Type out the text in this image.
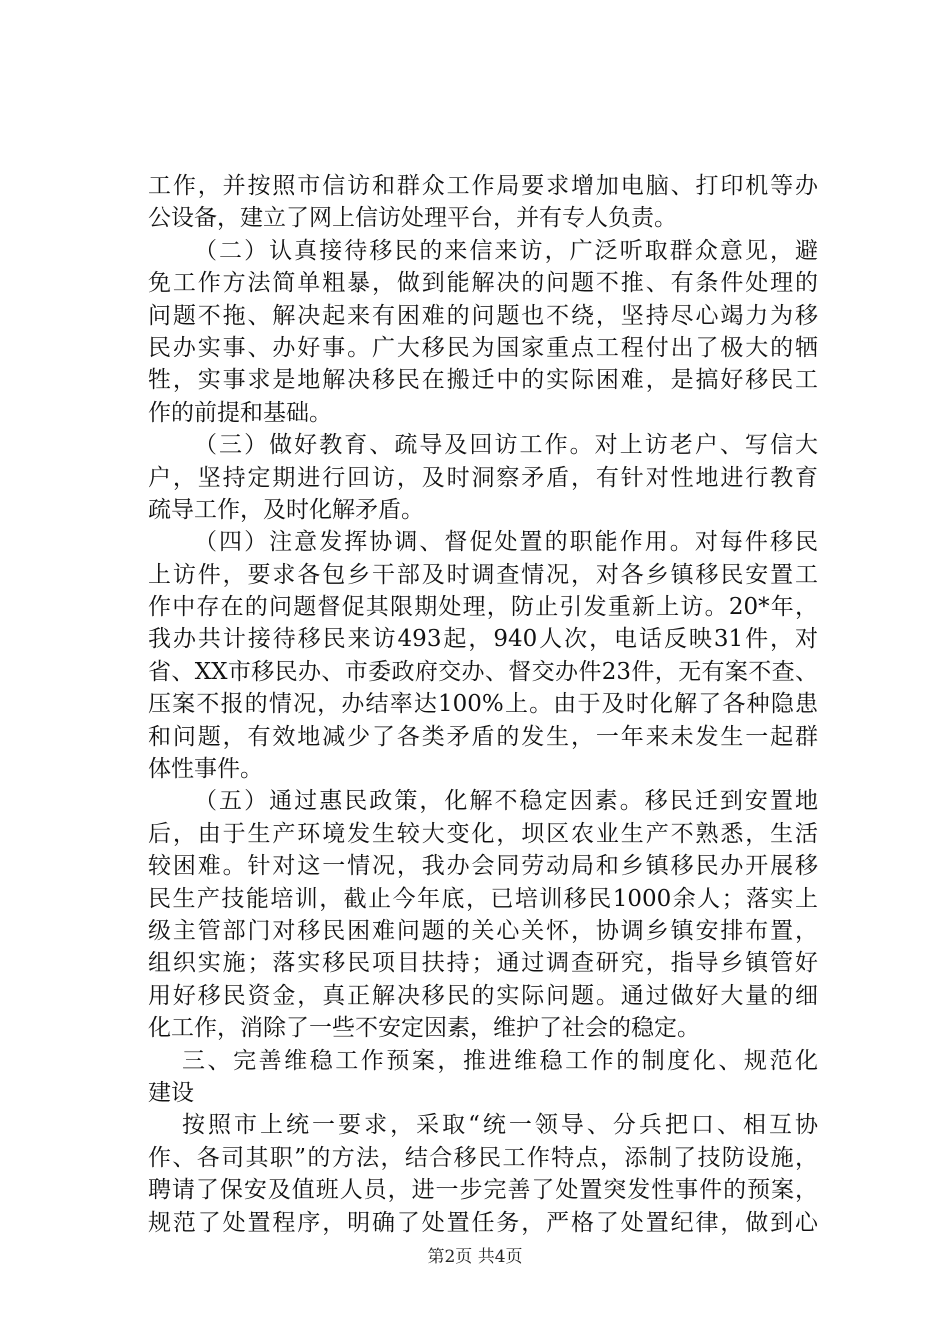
工作，并按照市信访和群众工作局要求增加电脑、打印机等办
公设备，建立了网上信访处理平台，并有专人负责。
（二）认真接待移民的来信来访，广泛听取群众意见，避
免工作方法简单粗暴，做到能解决的问题不推、有条件处理的
问题不拖、解决起来有困难的问题也不绕，坚持尽心竭力为移
民办实事、办好事。广大移民为国家重点工程付出了极大的牺
牲，实事求是地解决移民在搬迁中的实际困难，是搞好移民工
作的前提和基础。
（三）做好教育、疏导及回访工作。对上访老户、写信大
户，坚持定期进行回访，及时洞察矛盾，有针对性地进行教育
疏导工作，及时化解矛盾。
（四）注意发挥协调、督促处置的职能作用。对每件移民
上访件，要求各包乡干部及时调查情况，对各乡镇移民安置工
作中存在的问题督促其限期处理，防止引发重新上访。20*年，
我办共计接待移民来访493起，940人次，电话反映31件，对
省、XX市移民办、市委政府交办、督交办件23件，无有案不查、
压案不报的情况，办结率达100%上。由于及时化解了各种隐患
和问题，有效地减少了各类矛盾的发生，一年来未发生一起群
体性事件。
（五）通过惠民政策，化解不稳定因素。移民迁到安置地
后，由于生产环境发生较大变化，坝区农业生产不熟悉，生活
较困难。针对这一情况，我办会同劳动局和乡镇移民办开展移
民生产技能培训，截止今年底，已培训移民1000余人；落实上
级主管部门对移民困难问题的关心关怀，协调乡镇安排布置，
组织实施；落实移民项目扶持；通过调查研究，指导乡镇管好
用好移民资金，真正解决移民的实际问题。通过做好大量的细
化工作，消除了一些不安定因素，维护了社会的稳定。
三、完善维稳工作预案，推进维稳工作的制度化、规范化
建设
按照市上统一要求，采取“统一领导、分兵把口、相互协
作、各司其职”的方法，结合移民工作特点，添制了技防设施，
聘请了保安及值班人员，进一步完善了处置突发性事件的预案，
规范了处置程序，明确了处置任务，严格了处置纪律，做到心
第2页 共4页
